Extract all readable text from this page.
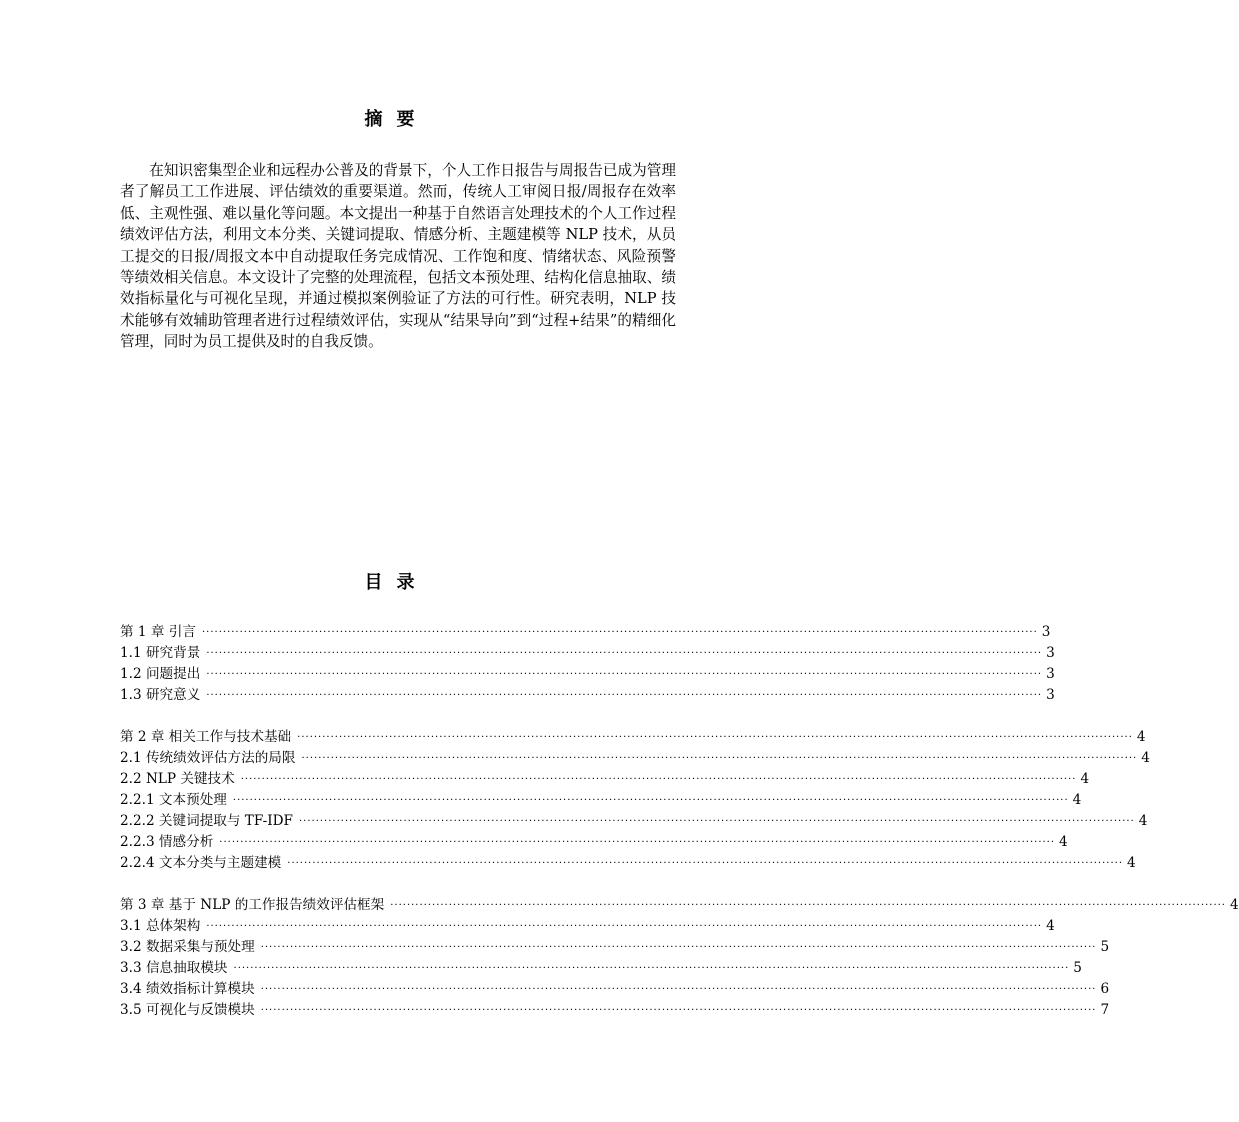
摘要

在知识密集型企业和远程办公普及的背景下，个人工作日报告与周报告已成为管理者了解员工工作进展、评估绩效的重要渠道。然而，传统人工审阅日报/周报存在效率低、主观性强、难以量化等问题。本文提出一种基于自然语言处理技术的个人工作过程绩效评估方法，利用文本分类、关键词提取、情感分析、主题建模等 NLP 技术，从员工提交的日报/周报文本中自动提取任务完成情况、工作饱和度、情绪状态、风险预警等绩效相关信息。本文设计了完整的处理流程，包括文本预处理、结构化信息抽取、绩效指标量化与可视化呈现，并通过模拟案例验证了方法的可行性。研究表明，NLP 技术能够有效辅助管理者进行过程绩效评估，实现从“结果导向”到“过程+结果”的精细化管理，同时为员工提供及时的自我反馈。

目录
第 1 章 引言 ········································································································································································································ 3
1.1 研究背景 ········································································································································································································ 3
1.2 问题提出 ········································································································································································································ 3
1.3 研究意义 ········································································································································································································ 3
第 2 章 相关工作与技术基础 ········································································································································································································ 4
2.1 传统绩效评估方法的局限 ········································································································································································································ 4
2.2 NLP 关键技术 ········································································································································································································ 4
2.2.1 文本预处理 ········································································································································································································ 4
2.2.2 关键词提取与 TF-IDF ········································································································································································································ 4
2.2.3 情感分析 ········································································································································································································ 4
2.2.4 文本分类与主题建模 ········································································································································································································ 4
第 3 章 基于 NLP 的工作报告绩效评估框架 ········································································································································································································ 4
3.1 总体架构 ········································································································································································································ 4
3.2 数据采集与预处理 ········································································································································································································ 5
3.3 信息抽取模块 ········································································································································································································ 5
3.4 绩效指标计算模块 ········································································································································································································ 6
3.5 可视化与反馈模块 ········································································································································································································ 7
